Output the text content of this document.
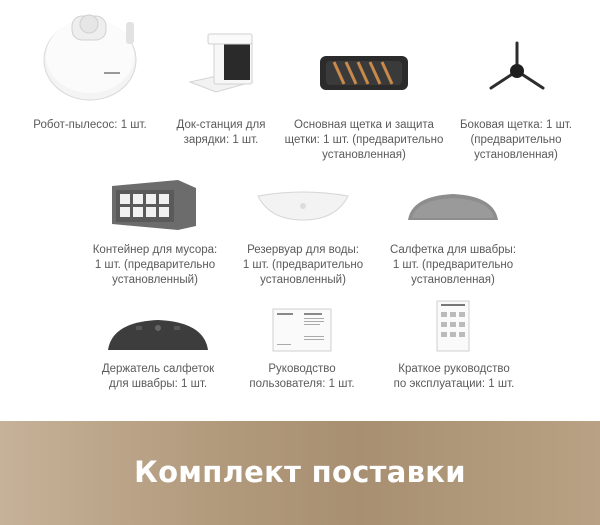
Робот-пылесос: 1 шт.	Док-станция для
зарядки: 1 шт.
Основная щетка и защита
щетки: 1 шт. (предварительно
установленная)
Боковая щетка: 1 шт.
(предварительно
установленная)
Контейнер для мусора:
1 шт. (предварительно
установленный)
Резервуар для воды:
1 шт. (предварительно
установленный)
Салфетка для швабры:
1 шт. (предварительно
установленная)
Держатель салфеток
для швабры: 1 шт.
Руководство
пользователя: 1 шт.
Краткое руководство
по эксплуатации: 1 шт.
Комплект поставки
